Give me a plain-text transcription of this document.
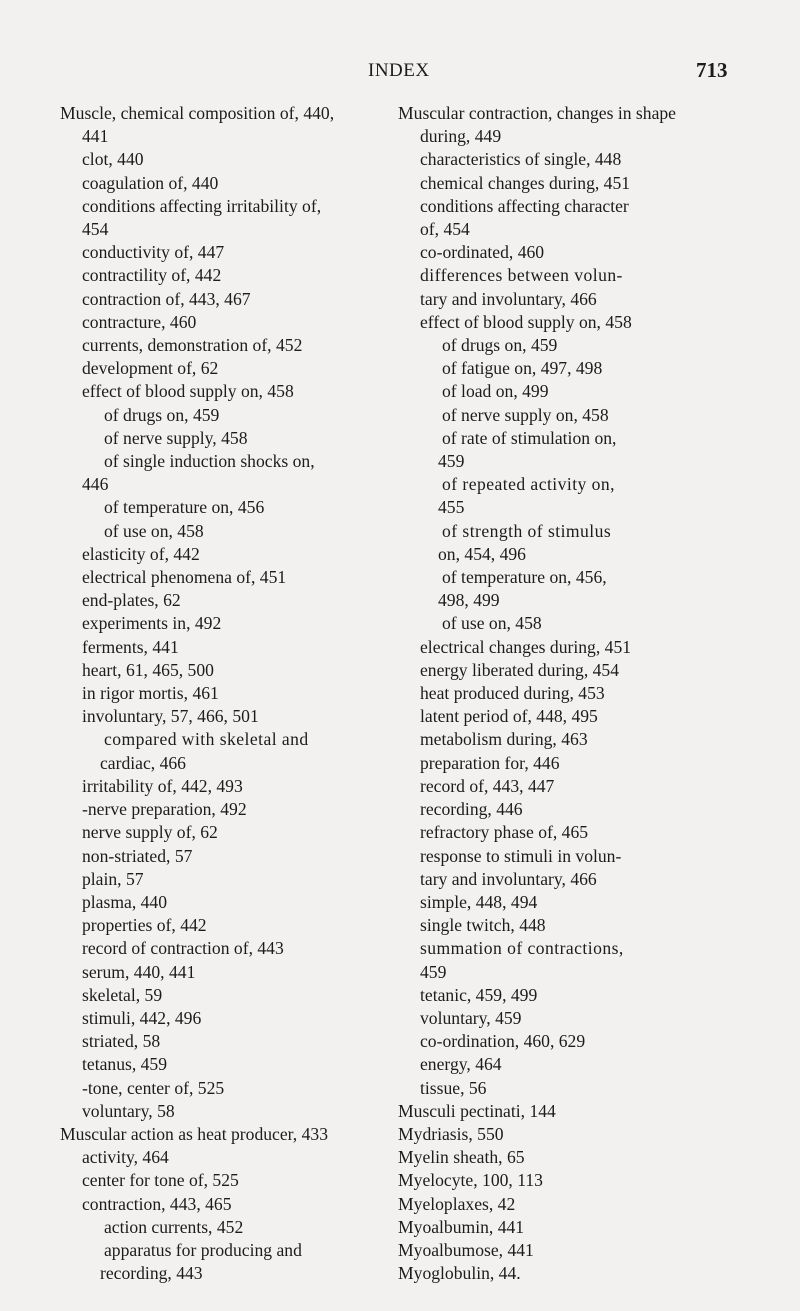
INDEX	713
Muscle, chemical composition of, 440,
441
clot, 440
coagulation of, 440
conditions affecting irritability of,
454
conductivity of, 447
contractility of, 442
contraction of, 443, 467
contracture, 460
currents, demonstration of, 452
development of, 62
effect of blood supply on, 458
of drugs on, 459
of nerve supply, 458
of single induction shocks on,
446
of temperature on, 456
of use on, 458
elasticity of, 442
electrical phenomena of, 451
end-plates, 62
experiments in, 492
ferments, 441
heart, 61, 465, 500
in rigor mortis, 461
involuntary, 57, 466, 501
compared with skeletal and
cardiac, 466
irritability of, 442, 493
-nerve preparation, 492
nerve supply of, 62
non-striated, 57
plain, 57
plasma, 440
properties of, 442
record of contraction of, 443
serum, 440, 441
skeletal, 59
stimuli, 442, 496
striated, 58
tetanus, 459
-tone, center of, 525
voluntary, 58
Muscular action as heat producer, 433
activity, 464
center for tone of, 525
contraction, 443, 465
action currents, 452
apparatus for producing and
recording, 443
Muscular contraction, changes in shape
during, 449
characteristics of single, 448
chemical changes during, 451
conditions affecting character
of, 454
co-ordinated, 460
differences between volun-
tary and involuntary, 466
effect of blood supply on, 458
of drugs on, 459
of fatigue on, 497, 498
of load on, 499
of nerve supply on, 458
of rate of stimulation on,
459
of repeated activity on,
455
of strength of stimulus
on, 454, 496
of temperature on, 456,
498, 499
of use on, 458
electrical changes during, 451
energy liberated during, 454
heat produced during, 453
latent period of, 448, 495
metabolism during, 463
preparation for, 446
record of, 443, 447
recording, 446
refractory phase of, 465
response to stimuli in volun-
tary and involuntary, 466
simple, 448, 494
single twitch, 448
summation of contractions,
459
tetanic, 459, 499
voluntary, 459
co-ordination, 460, 629
energy, 464
tissue, 56
Musculi pectinati, 144
Mydriasis, 550
Myelin sheath, 65
Myelocyte, 100, 113
Myeloplaxes, 42
Myoalbumin, 441
Myoalbumose, 441
Myoglobulin, 44.
